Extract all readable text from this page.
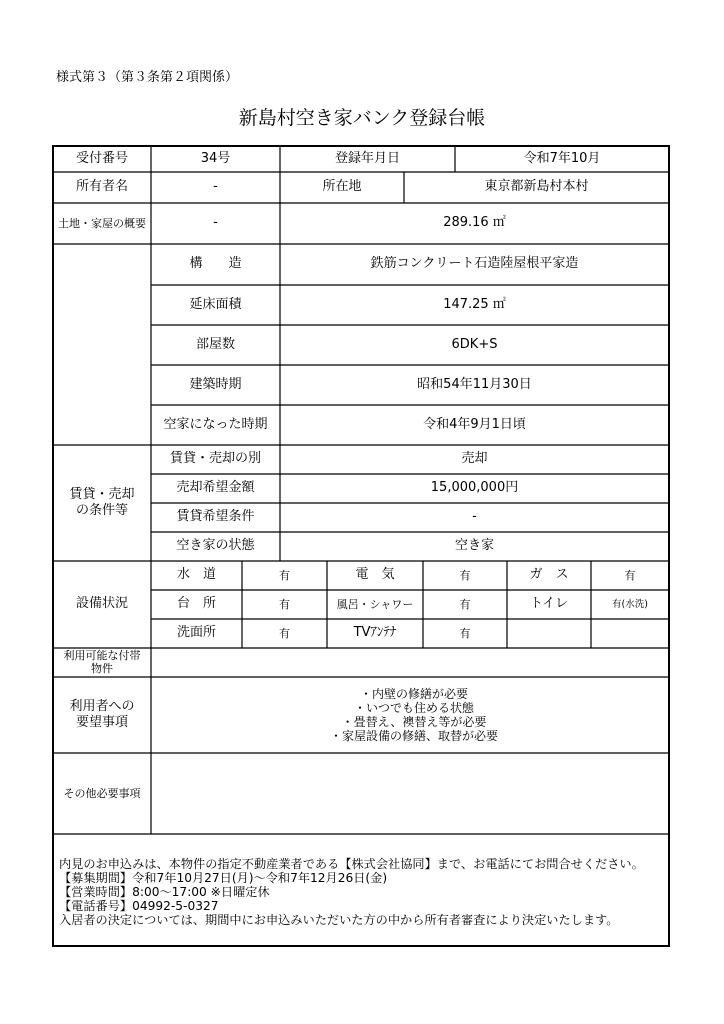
様式第３（第３条第２項関係）
新島村空き家バンク登録台帳
受付番号	34号	登録年月日	令和7年10月
所有者名	-	所在地	東京都新島村本村
土地・家屋の概要	-	289.16 ㎡
構　　造	鉄筋コンクリート石造陸屋根平家造
延床面積	147.25 ㎡
部屋数	6DK+S
建築時期	昭和54年11月30日
空家になった時期	令和4年9月1日頃
賃貸・売却の条件等
賃貸・売却の別	売却
売却希望金額	15,000,000円
賃貸希望条件	-
空き家の状態	空き家
設備状況
水　道	有	電　気	有	ガ　ス	有
台　所	有	風呂・シャワー	有	トイレ	有(水洗)
洗面所	有	TVｱﾝﾃﾅ	有
利用可能な付帯物件
利用者への要望事項
・内壁の修繕が必要
・いつでも住める状態
・畳替え、襖替え等が必要
・家屋設備の修繕、取替が必要
その他必要事項
内見のお申込みは、本物件の指定不動産業者である【株式会社協同】まで、お電話にてお問合せください。
【募集期間】令和7年10月27日(月)～令和7年12月26日(金)
【営業時間】8:00～17:00 ※日曜定休
【電話番号】04992-5-0327
入居者の決定については、期間中にお申込みいただいた方の中から所有者審査により決定いたします。
